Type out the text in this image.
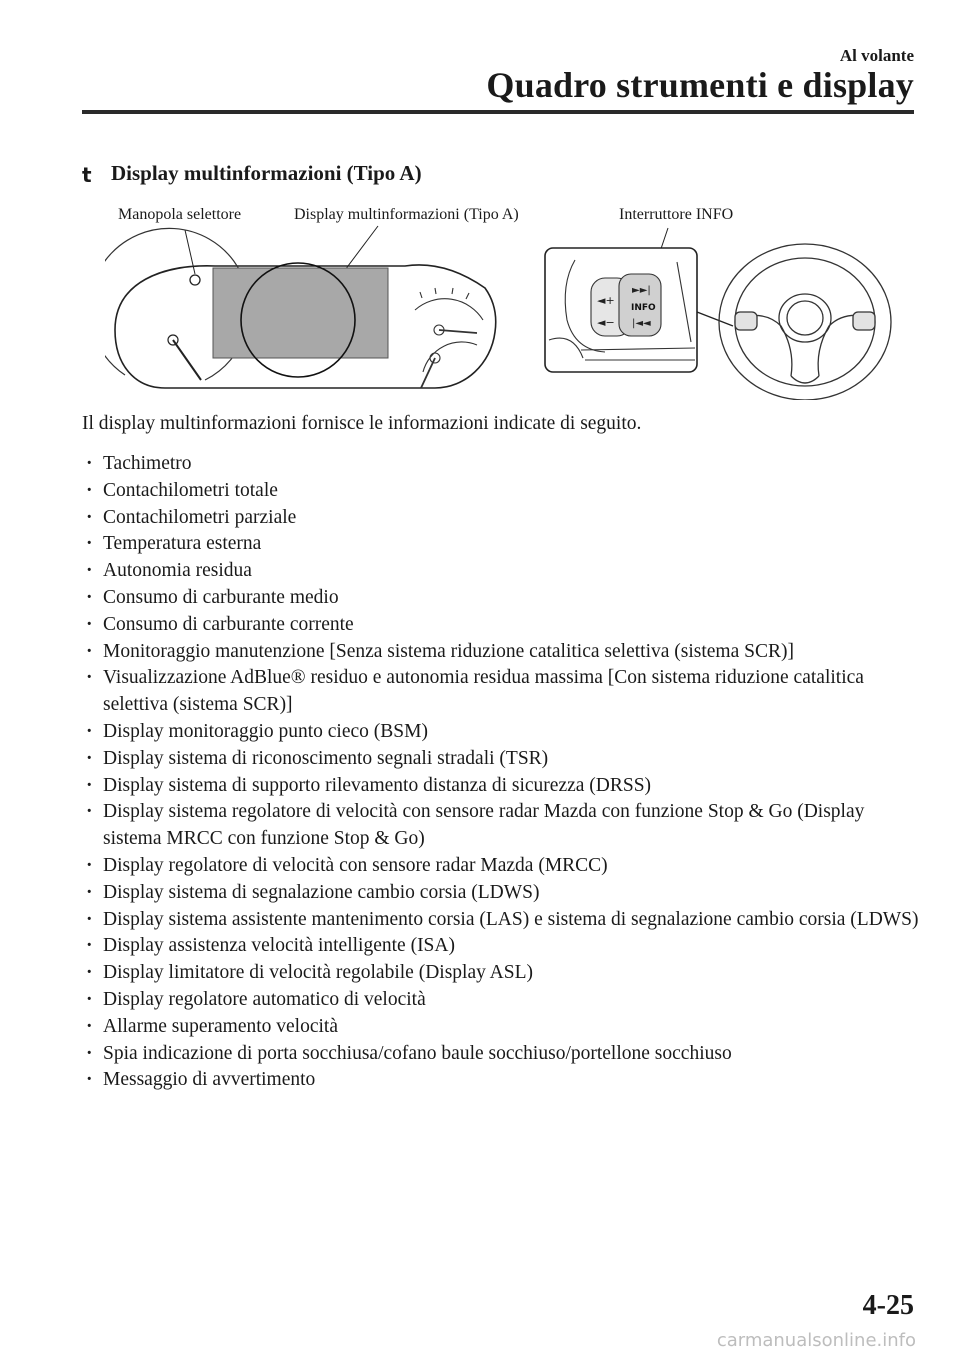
Al volante
Quadro strumenti e display
t Display multinformazioni (Tipo A)
Manopola selettore	Display multinformazioni (Tipo A)	Interruttore INFO
◄+
◄−
►►|
|◄◄
INFO
Il display multinformazioni fornisce le informazioni indicate di seguito.
· Tachimetro
· Contachilometri totale
· Contachilometri parziale
· Temperatura esterna
· Autonomia residua
· Consumo di carburante medio
· Consumo di carburante corrente
· Monitoraggio manutenzione [Senza sistema riduzione catalitica selettiva (sistema SCR)]
· Visualizzazione AdBlue® residuo e autonomia residua massima [Con sistema riduzione catalitica selettiva (sistema SCR)]
· Display monitoraggio punto cieco (BSM)
· Display sistema di riconoscimento segnali stradali (TSR)
· Display sistema di supporto rilevamento distanza di sicurezza (DRSS)
· Display sistema regolatore di velocità con sensore radar Mazda con funzione Stop & Go (Display sistema MRCC con funzione Stop & Go)
· Display regolatore di velocità con sensore radar Mazda (MRCC)
· Display sistema di segnalazione cambio corsia (LDWS)
· Display sistema assistente mantenimento corsia (LAS) e sistema di segnalazione cambio corsia (LDWS)
· Display assistenza velocità intelligente (ISA)
· Display limitatore di velocità regolabile (Display ASL)
· Display regolatore automatico di velocità
· Allarme superamento velocità
· Spia indicazione di porta socchiusa/cofano baule socchiuso/portellone socchiuso
· Messaggio di avvertimento
4-25
carmanualsonline.info
